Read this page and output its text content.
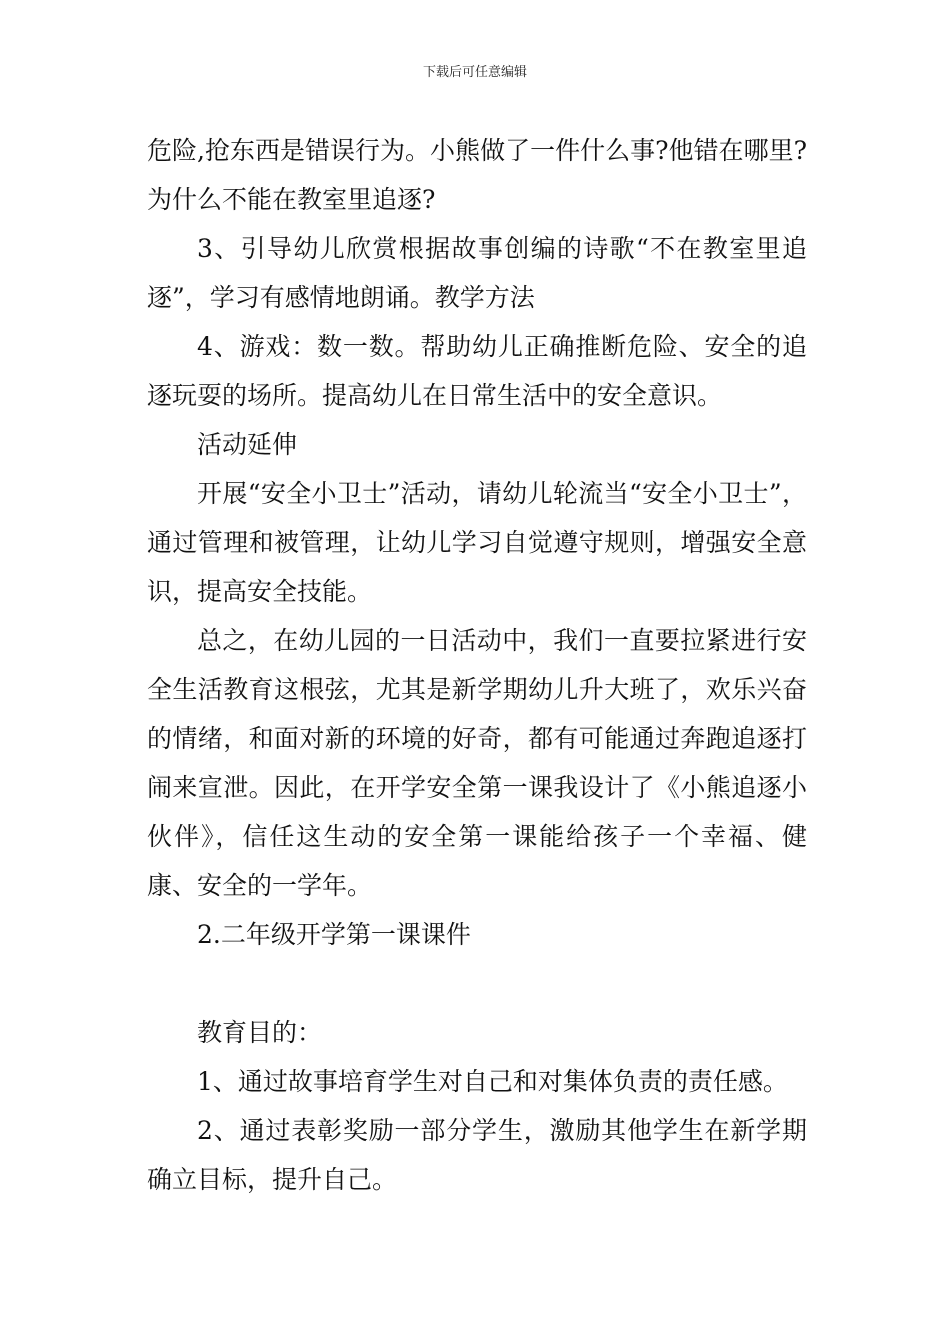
下载后可任意编辑

危险,抢东西是错误行为。小熊做了一件什么事?他错在哪里?为什么不能在教室里追逐?

3、引导幼儿欣赏根据故事创编的诗歌“不在教室里追逐”，学习有感情地朗诵。教学方法

4、游戏：数一数。帮助幼儿正确推断危险、安全的追逐玩耍的场所。提高幼儿在日常生活中的安全意识。

活动延伸

开展“安全小卫士”活动，请幼儿轮流当“安全小卫士”，通过管理和被管理，让幼儿学习自觉遵守规则，增强安全意识，提高安全技能。

总之，在幼儿园的一日活动中，我们一直要拉紧进行安全生活教育这根弦，尤其是新学期幼儿升大班了，欢乐兴奋的情绪，和面对新的环境的好奇，都有可能通过奔跑追逐打闹来宣泄。因此，在开学安全第一课我设计了《小熊追逐小伙伴》，信任这生动的安全第一课能给孩子一个幸福、健康、安全的一学年。

2.二年级开学第一课课件

教育目的：

1、通过故事培育学生对自己和对集体负责的责任感。

2、通过表彰奖励一部分学生，激励其他学生在新学期确立目标，提升自己。
